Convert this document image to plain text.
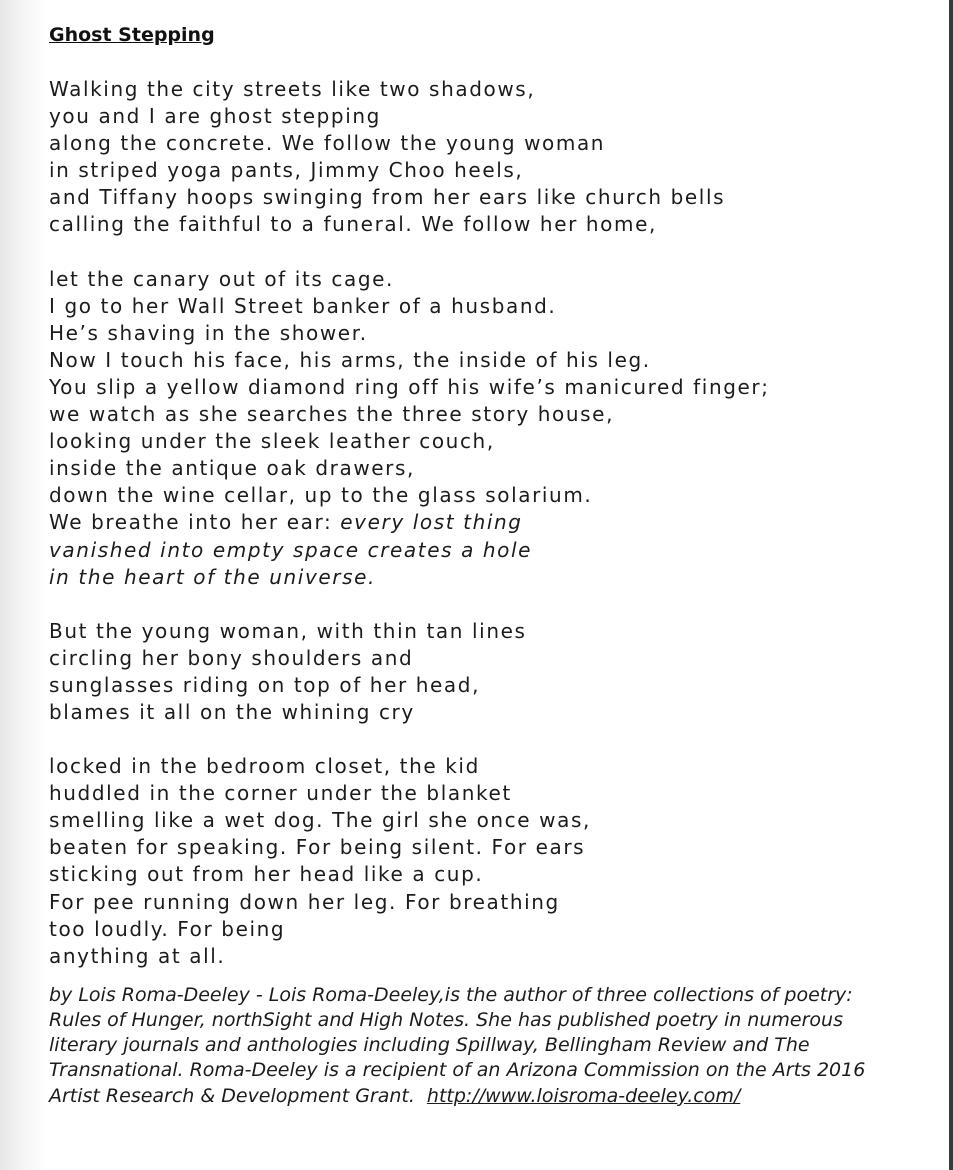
Ghost Stepping
Walking the city streets like two shadows,
you and I are ghost stepping
along the concrete. We follow the young woman
in striped yoga pants, Jimmy Choo heels,
and Tiffany hoops swinging from her ears like church bells
calling the faithful to a funeral. We follow her home,
let the canary out of its cage.
I go to her Wall Street banker of a husband.
He’s shaving in the shower.
Now I touch his face, his arms, the inside of his leg.
You slip a yellow diamond ring off his wife’s manicured finger;
we watch as she searches the three story house,
looking under the sleek leather couch,
inside the antique oak drawers,
down the wine cellar, up to the glass solarium.
We breathe into her ear: every lost thing
vanished into empty space creates a hole
in the heart of the universe.
But the young woman, with thin tan lines
circling her bony shoulders and
sunglasses riding on top of her head,
blames it all on the whining cry
locked in the bedroom closet, the kid
huddled in the corner under the blanket
smelling like a wet dog. The girl she once was,
beaten for speaking. For being silent. For ears
sticking out from her head like a cup.
For pee running down her leg. For breathing
too loudly. For being
anything at all.

by Lois Roma-Deeley - Lois Roma-Deeley,is the author of three collections of poetry: Rules of Hunger, northSight and High Notes. She has published poetry in numerous literary journals and anthologies including Spillway, Bellingham Review and The Transnational. Roma-Deeley is a recipient of an Arizona Commission on the Arts 2016 Artist Research & Development Grant. http://www.loisroma-deeley.com/
